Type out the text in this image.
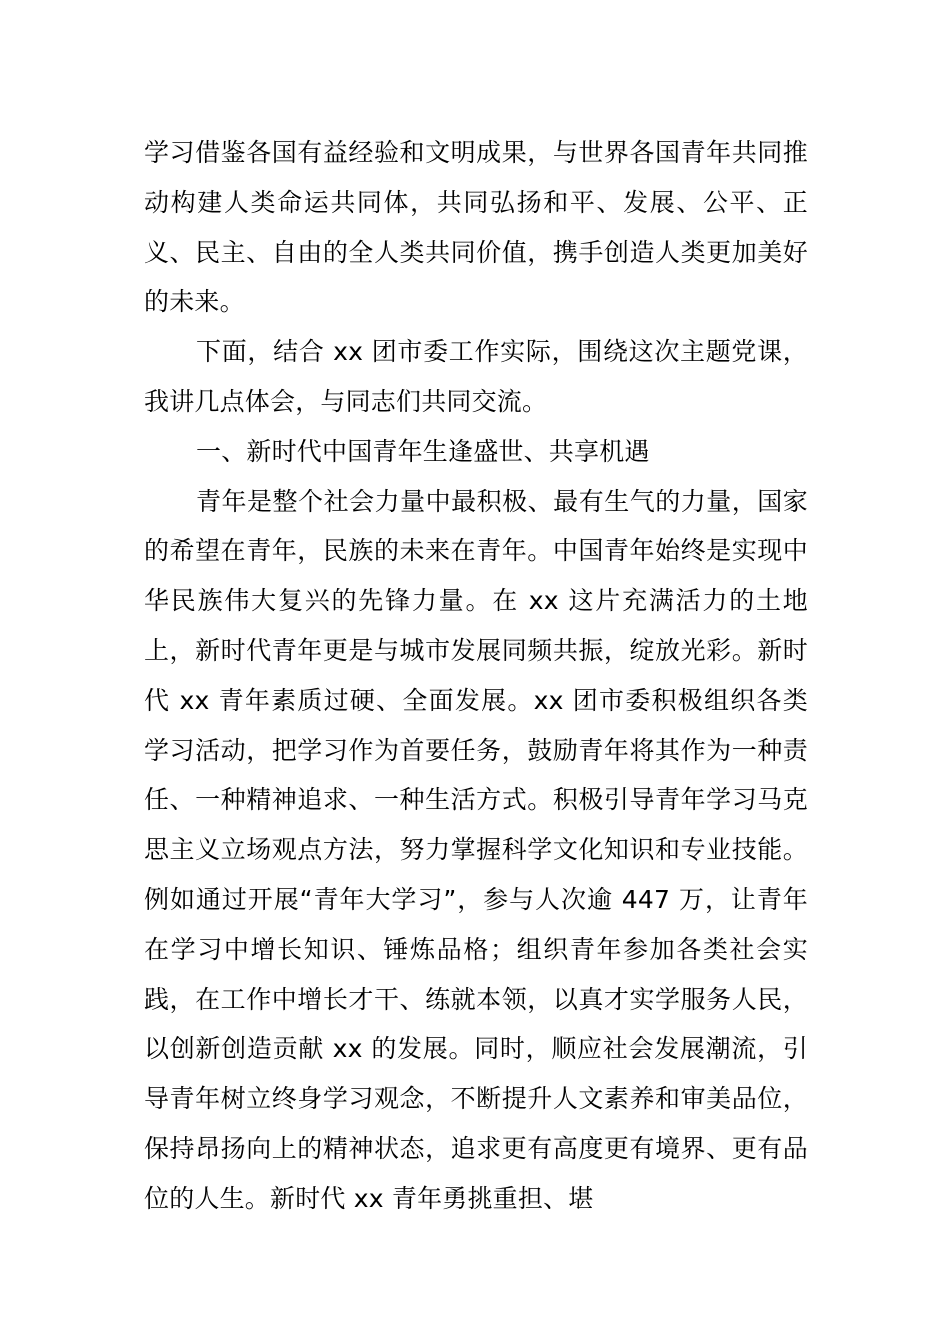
学习借鉴各国有益经验和文明成果，与世界各国青年共同推动构建人类命运共同体，共同弘扬和平、发展、公平、正义、民主、自由的全人类共同价值，携手创造人类更加美好的未来。

下面，结合 xx 团市委工作实际，围绕这次主题党课，我讲几点体会，与同志们共同交流。

一、新时代中国青年生逢盛世、共享机遇

青年是整个社会力量中最积极、最有生气的力量，国家的希望在青年，民族的未来在青年。中国青年始终是实现中华民族伟大复兴的先锋力量。在 xx 这片充满活力的土地上，新时代青年更是与城市发展同频共振，绽放光彩。新时代 xx 青年素质过硬、全面发展。xx 团市委积极组织各类学习活动，把学习作为首要任务，鼓励青年将其作为一种责任、一种精神追求、一种生活方式。积极引导青年学习马克思主义立场观点方法，努力掌握科学文化知识和专业技能。例如通过开展“青年大学习”，参与人次逾 447 万，让青年在学习中增长知识、锤炼品格；组织青年参加各类社会实践，在工作中增长才干、练就本领，以真才实学服务人民，以创新创造贡献 xx 的发展。同时，顺应社会发展潮流，引导青年树立终身学习观念，不断提升人文素养和审美品位，保持昂扬向上的精神状态，追求更有高度更有境界、更有品位的人生。新时代 xx 青年勇挑重担、堪
